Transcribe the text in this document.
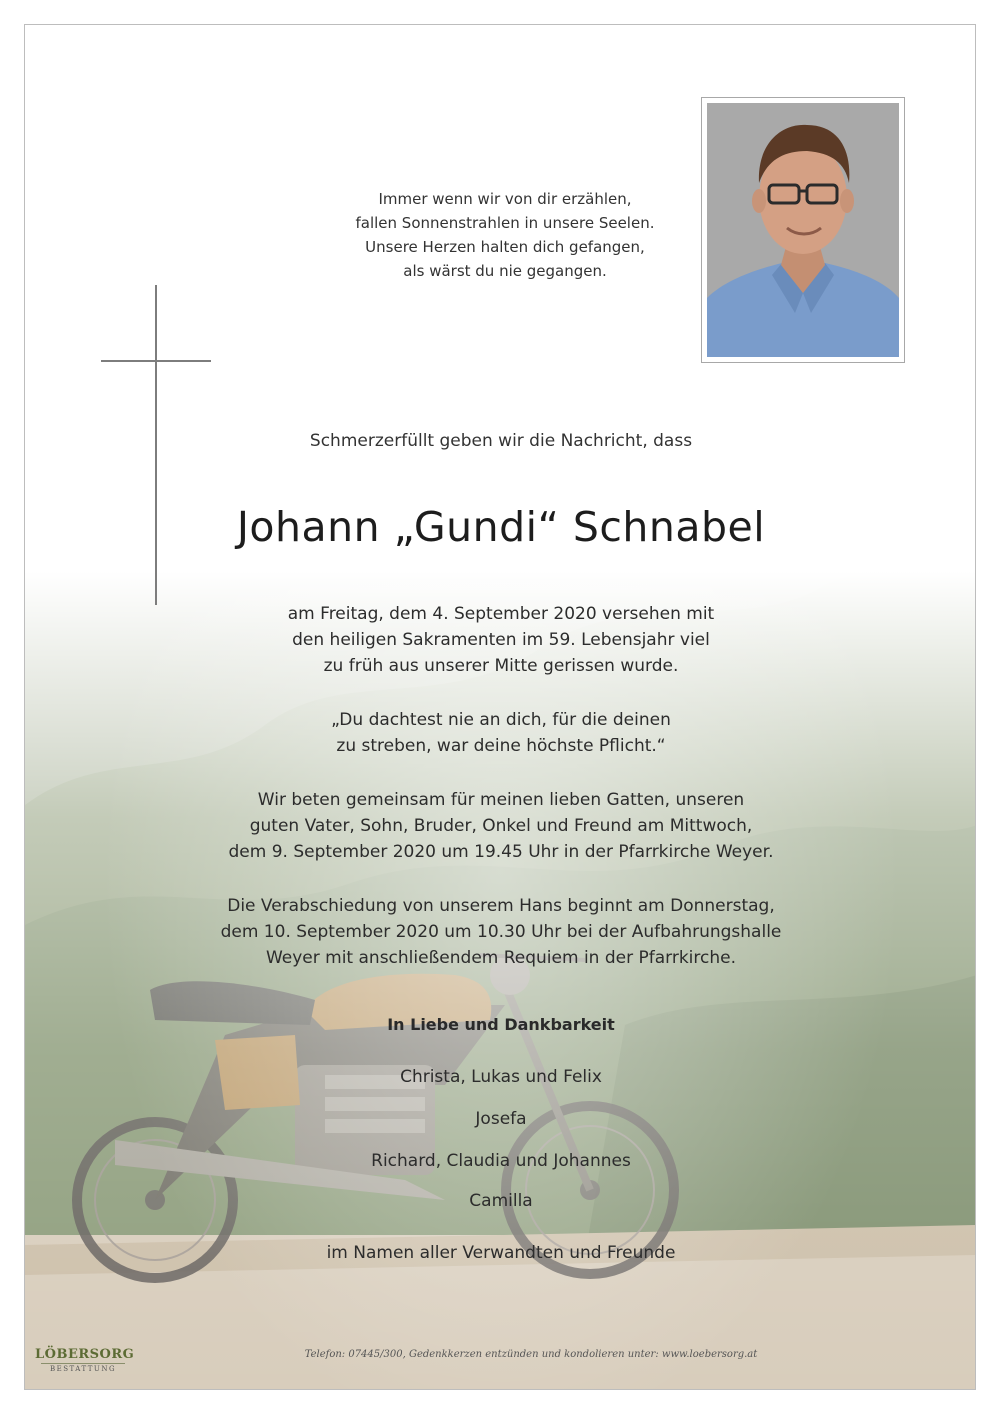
Immer wenn wir von dir erzählen,
fallen Sonnenstrahlen in unsere Seelen.
Unsere Herzen halten dich gefangen,
als wärst du nie gegangen.
Schmerzerfüllt geben wir die Nachricht, dass
Johann „Gundi“ Schnabel
am Freitag, dem 4. September 2020 versehen mit
den heiligen Sakramenten im 59. Lebensjahr viel
zu früh aus unserer Mitte gerissen wurde.
„Du dachtest nie an dich, für die deinen
zu streben, war deine höchste Pflicht.“
Wir beten gemeinsam für meinen lieben Gatten, unseren
guten Vater, Sohn, Bruder, Onkel und Freund am Mittwoch,
dem 9. September 2020 um 19.45 Uhr in der Pfarrkirche Weyer.
Die Verabschiedung von unserem Hans beginnt am Donnerstag,
dem 10. September 2020 um 10.30 Uhr bei der Aufbahrungshalle
Weyer mit anschließendem Requiem in der Pfarrkirche.
In Liebe und Dankbarkeit
Christa, Lukas und Felix
Josefa
Richard, Claudia und Johannes
Camilla
im Namen aller Verwandten und Freunde
LÖBERSORG
BESTATTUNG
Telefon: 07445/300, Gedenkkerzen entzünden und kondolieren unter: www.loebersorg.at
